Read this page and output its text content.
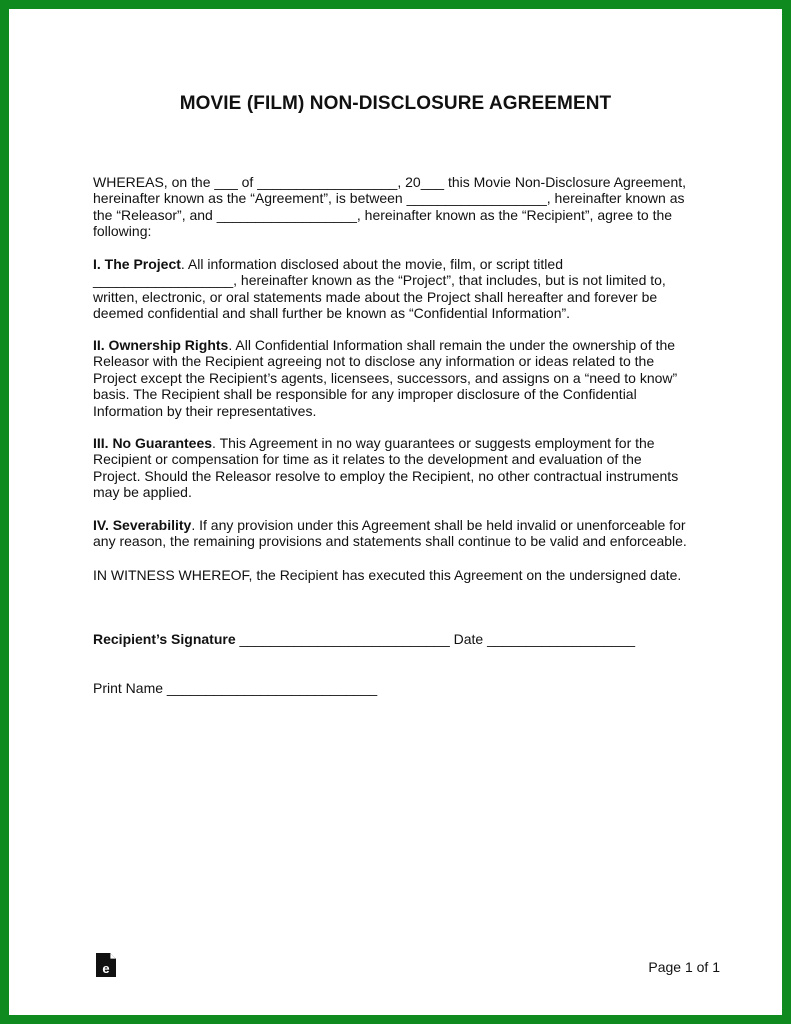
MOVIE (FILM) NON-DISCLOSURE AGREEMENT
WHEREAS, on the ___ of __________________, 20___ this Movie Non-Disclosure Agreement,
hereinafter known as the “Agreement”, is between __________________, hereinafter known as
the “Releasor”, and __________________, hereinafter known as the “Recipient”, agree to the
following:
I. The Project. All information disclosed about the movie, film, or script titled
__________________, hereinafter known as the “Project”, that includes, but is not limited to,
written, electronic, or oral statements made about the Project shall hereafter and forever be
deemed confidential and shall further be known as “Confidential Information”.
II. Ownership Rights. All Confidential Information shall remain the under the ownership of the
Releasor with the Recipient agreeing not to disclose any information or ideas related to the
Project except the Recipient’s agents, licensees, successors, and assigns on a “need to know”
basis. The Recipient shall be responsible for any improper disclosure of the Confidential
Information by their representatives.
III. No Guarantees. This Agreement in no way guarantees or suggests employment for the
Recipient or compensation for time as it relates to the development and evaluation of the
Project. Should the Releasor resolve to employ the Recipient, no other contractual instruments
may be applied.
IV. Severability. If any provision under this Agreement shall be held invalid or unenforceable for
any reason, the remaining provisions and statements shall continue to be valid and enforceable.
IN WITNESS WHEREOF, the Recipient has executed this Agreement on the undersigned date.
Recipient’s Signature ___________________________ Date ___________________
Print Name ___________________________
e	Page 1 of 1
